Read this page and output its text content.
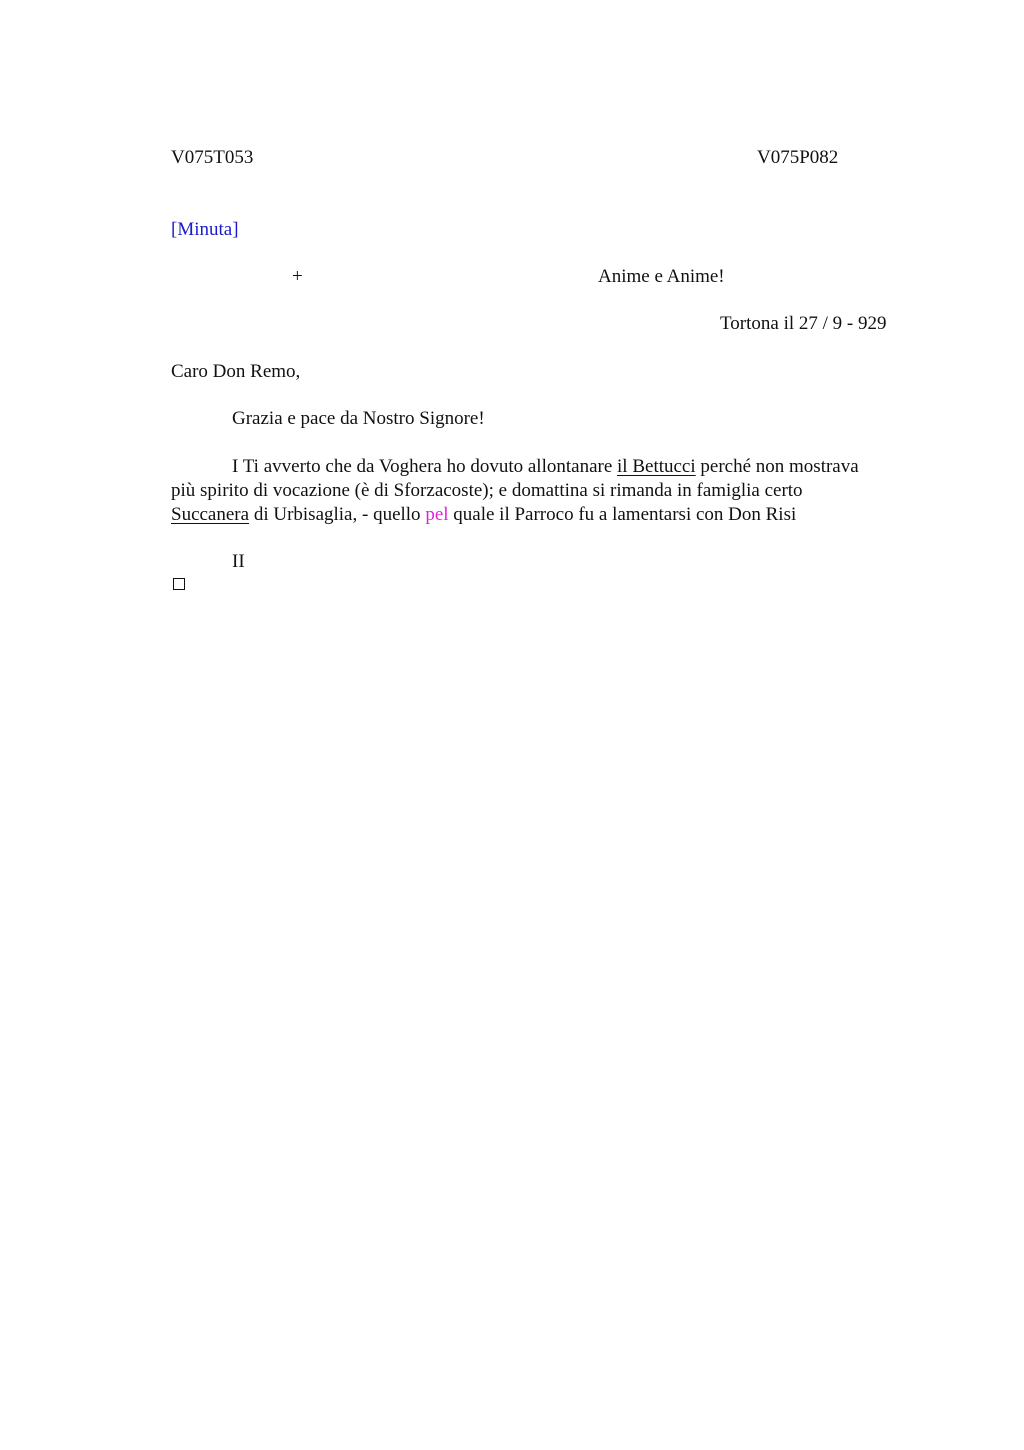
V075T053	V075P082
[Minuta]
+	Anime e Anime!
Tortona il 27 / 9 - 929
Caro Don Remo,
Grazia e pace da Nostro Signore!
I Ti avverto che da Voghera ho dovuto allontanare il Bettucci perché non mostrava
più spirito di vocazione (è di Sforzacoste); e domattina si rimanda in famiglia certo
Succanera di Urbisaglia, - quello pel quale il Parroco fu a lamentarsi con Don Risi
II
